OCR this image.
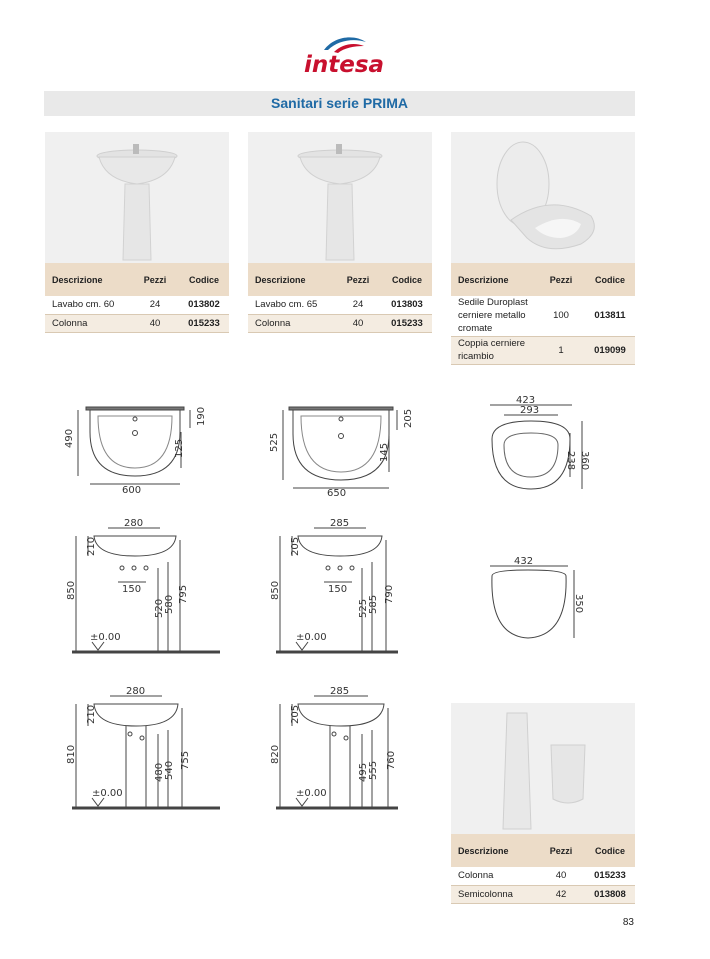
intesa
Sanitari serie PRIMA
Descrizione	Pezzi	Codice
Lavabo cm. 60	24	013802
Colonna	40	015233
Descrizione	Pezzi	Codice
Lavabo cm. 65	24	013803
Colonna	40	015233
Descrizione	Pezzi	Codice
Sedile Duroplast cerniere metallo cromate	100	013811
Coppia cerniere ricambio	1	019099
Descrizione	Pezzi	Codice
Colonna	40	015233
Semicolonna	42	013808
490
600
190
125	525
650
205
145
423
293
360
238
432
350
280
210
850	150
520 580
795
±0.00
285
205
850	150
525 585
790
±0.00
280
210
810
480 540
755
±0.00
285
205
820
495 555
760
±0.00
83
